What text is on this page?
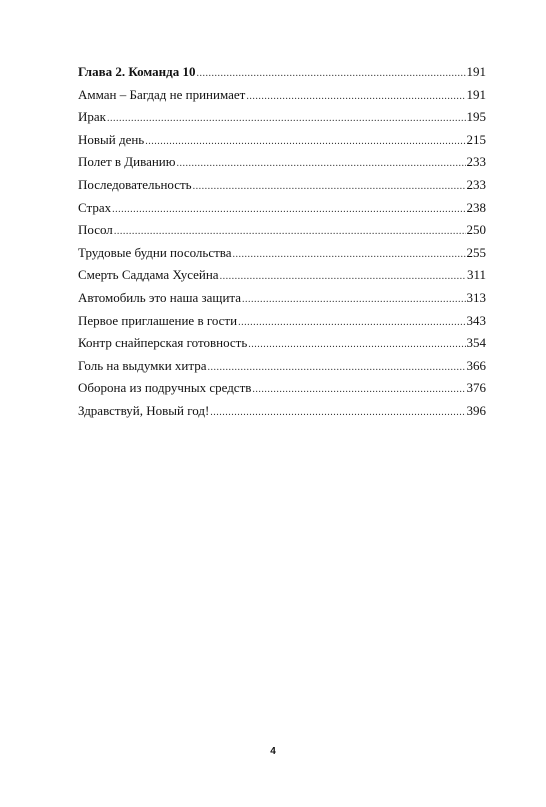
Глава 2. Команда 10 .....	191
Амман – Багдад не принимает .....	191
Ирак .....	195
Новый день .....	215
Полет в Диванию .....	233
Последовательность .....	233
Страх .....	238
Посол .....	250
Трудовые будни посольства .....	255
Смерть Саддама Хусейна .....	311
Автомобиль это наша защита .....	313
Первое приглашение в гости .....	343
Контр снайперская готовность .....	354
Голь на выдумки хитра .....	366
Оборона из подручных средств .....	376
Здравствуй, Новый год! .....	396
4
